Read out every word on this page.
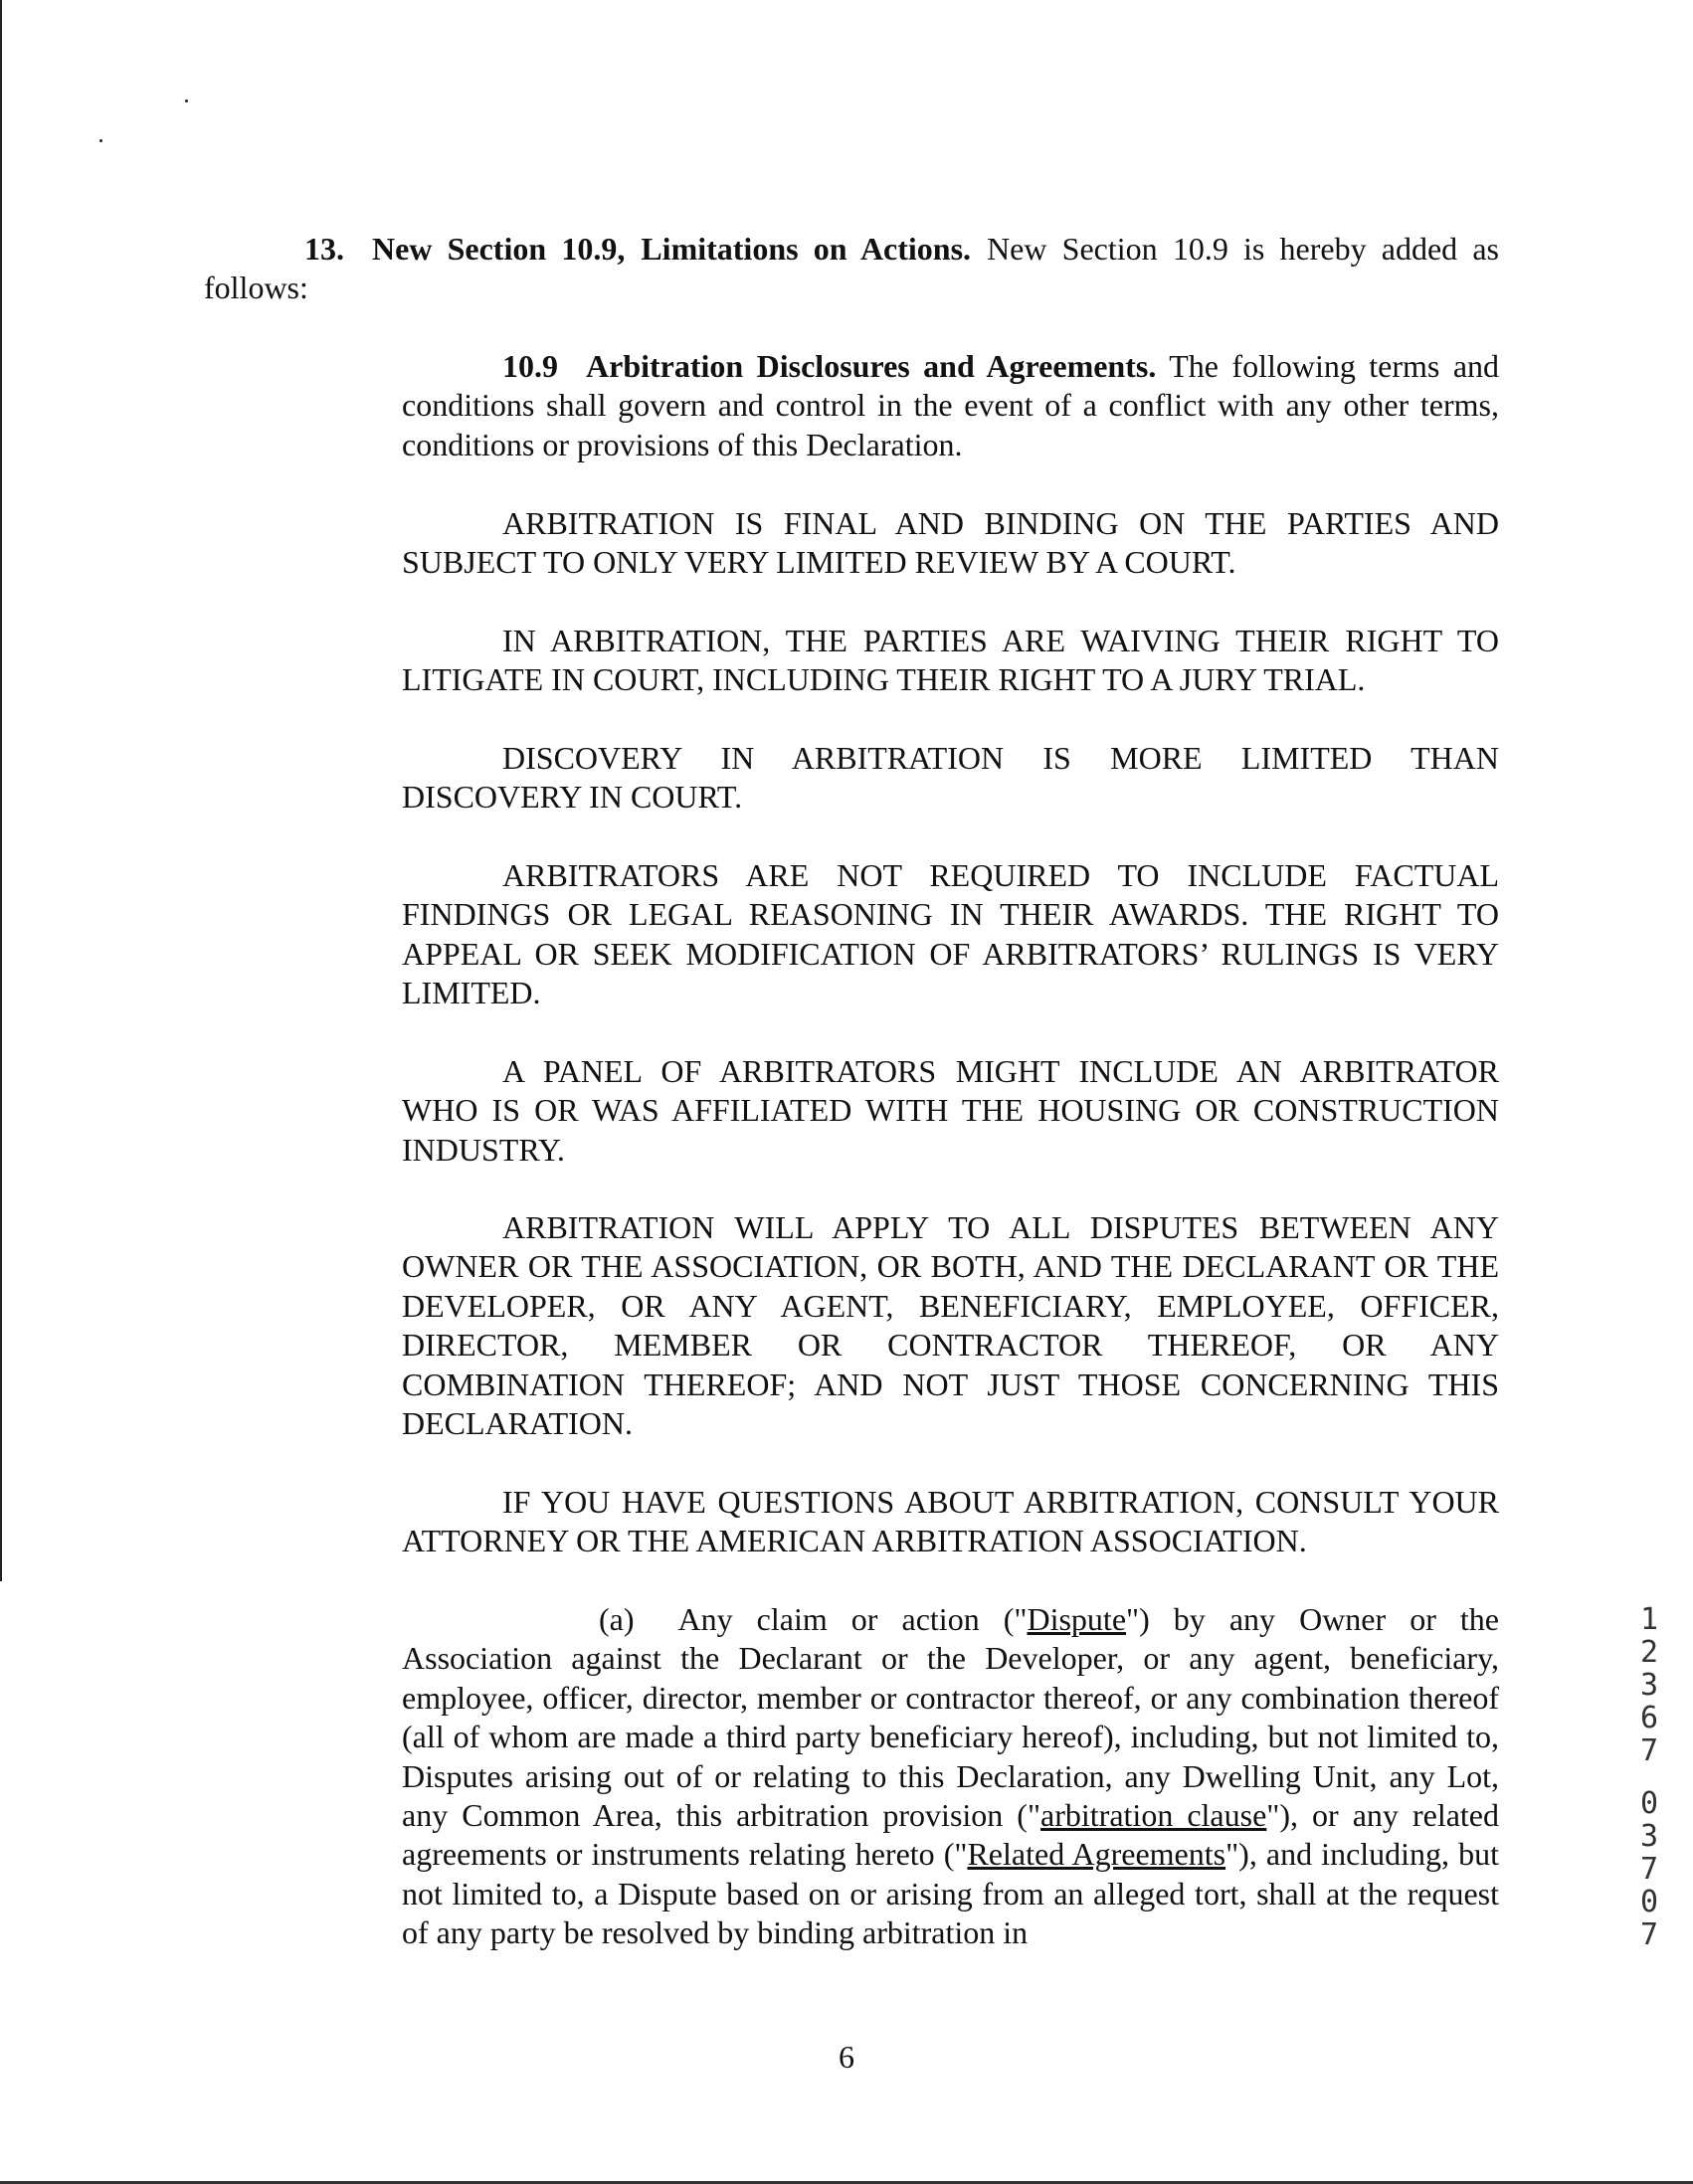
13. New Section 10.9, Limitations on Actions. New Section 10.9 is hereby added as follows:
10.9 Arbitration Disclosures and Agreements. The following terms and conditions shall govern and control in the event of a conflict with any other terms, conditions or provisions of this Declaration.
ARBITRATION IS FINAL AND BINDING ON THE PARTIES AND SUBJECT TO ONLY VERY LIMITED REVIEW BY A COURT.
IN ARBITRATION, THE PARTIES ARE WAIVING THEIR RIGHT TO LITIGATE IN COURT, INCLUDING THEIR RIGHT TO A JURY TRIAL.
DISCOVERY IN ARBITRATION IS MORE LIMITED THAN DISCOVERY IN COURT.
ARBITRATORS ARE NOT REQUIRED TO INCLUDE FACTUAL FINDINGS OR LEGAL REASONING IN THEIR AWARDS. THE RIGHT TO APPEAL OR SEEK MODIFICATION OF ARBITRATORS’ RULINGS IS VERY LIMITED.
A PANEL OF ARBITRATORS MIGHT INCLUDE AN ARBITRATOR WHO IS OR WAS AFFILIATED WITH THE HOUSING OR CONSTRUCTION INDUSTRY.
ARBITRATION WILL APPLY TO ALL DISPUTES BETWEEN ANY OWNER OR THE ASSOCIATION, OR BOTH, AND THE DECLARANT OR THE DEVELOPER, OR ANY AGENT, BENEFICIARY, EMPLOYEE, OFFICER, DIRECTOR, MEMBER OR CONTRACTOR THEREOF, OR ANY COMBINATION THEREOF; AND NOT JUST THOSE CONCERNING THIS DECLARATION.
IF YOU HAVE QUESTIONS ABOUT ARBITRATION, CONSULT YOUR ATTORNEY OR THE AMERICAN ARBITRATION ASSOCIATION.
(a) Any claim or action ("Dispute") by any Owner or the Association against the Declarant or the Developer, or any agent, beneficiary, employee, officer, director, member or contractor thereof, or any combination thereof (all of whom are made a third party beneficiary hereof), including, but not limited to, Disputes arising out of or relating to this Declaration, any Dwelling Unit, any Lot, any Common Area, this arbitration provision ("arbitration clause"), or any related agreements or instruments relating hereto ("Related Agreements"), and including, but not limited to, a Dispute based on or arising from an alleged tort, shall at the request of any party be resolved by binding arbitration in
1
2
3
6
7
0
3
7
0
7
6
